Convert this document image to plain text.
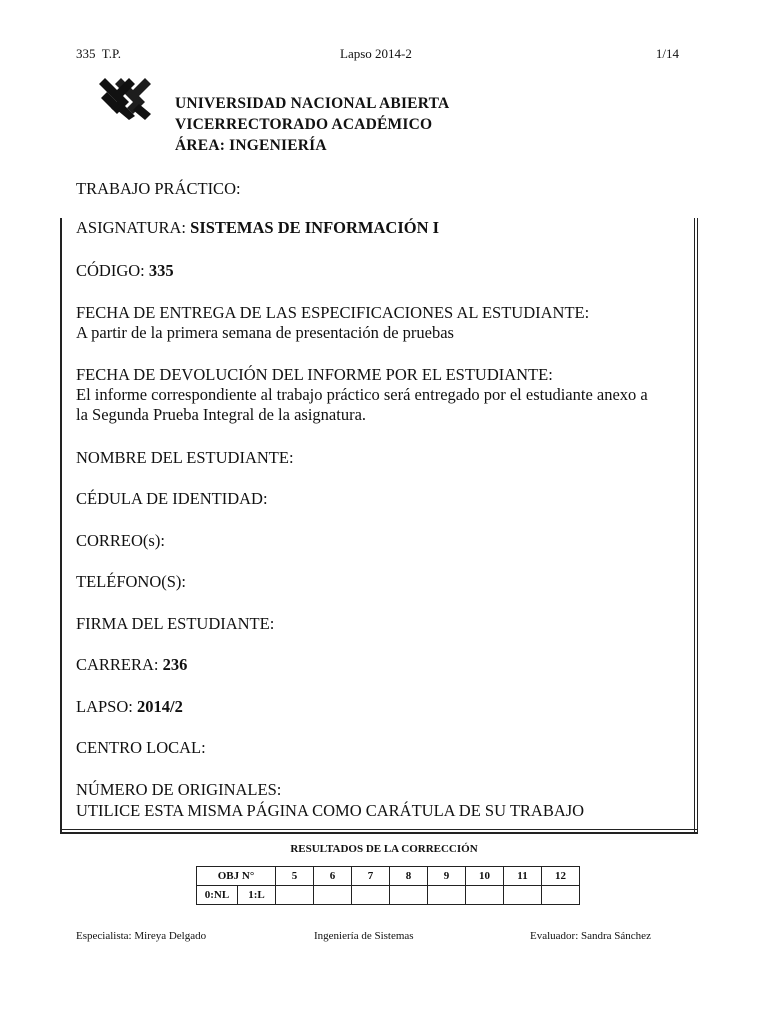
335  T.P.	Lapso 2014-2	1/14
UNIVERSIDAD NACIONAL ABIERTA
VICERRECTORADO ACADÉMICO
ÁREA: INGENIERÍA
TRABAJO PRÁCTICO:
ASIGNATURA: SISTEMAS DE INFORMACIÓN I
CÓDIGO: 335
FECHA DE ENTREGA DE LAS ESPECIFICACIONES AL ESTUDIANTE:
A partir de la primera semana de presentación de pruebas
FECHA DE DEVOLUCIÓN DEL INFORME POR EL ESTUDIANTE:
El informe correspondiente al trabajo práctico será entregado por el estudiante anexo a
la Segunda Prueba Integral de la asignatura.
NOMBRE DEL ESTUDIANTE:
CÉDULA DE IDENTIDAD:
CORREO(s):
TELÉFONO(S):
FIRMA DEL ESTUDIANTE:
CARRERA: 236
LAPSO: 2014/2
CENTRO LOCAL:
NÚMERO DE ORIGINALES:
UTILICE ESTA MISMA PÁGINA COMO CARÁTULA DE SU TRABAJO
RESULTADOS DE LA CORRECCIÓN
OBJ N°		5	6	7	8	9	10	11	12
0:NL	1:L								
Especialista: Mireya Delgado	Ingeniería de Sistemas	Evaluador: Sandra Sánchez
